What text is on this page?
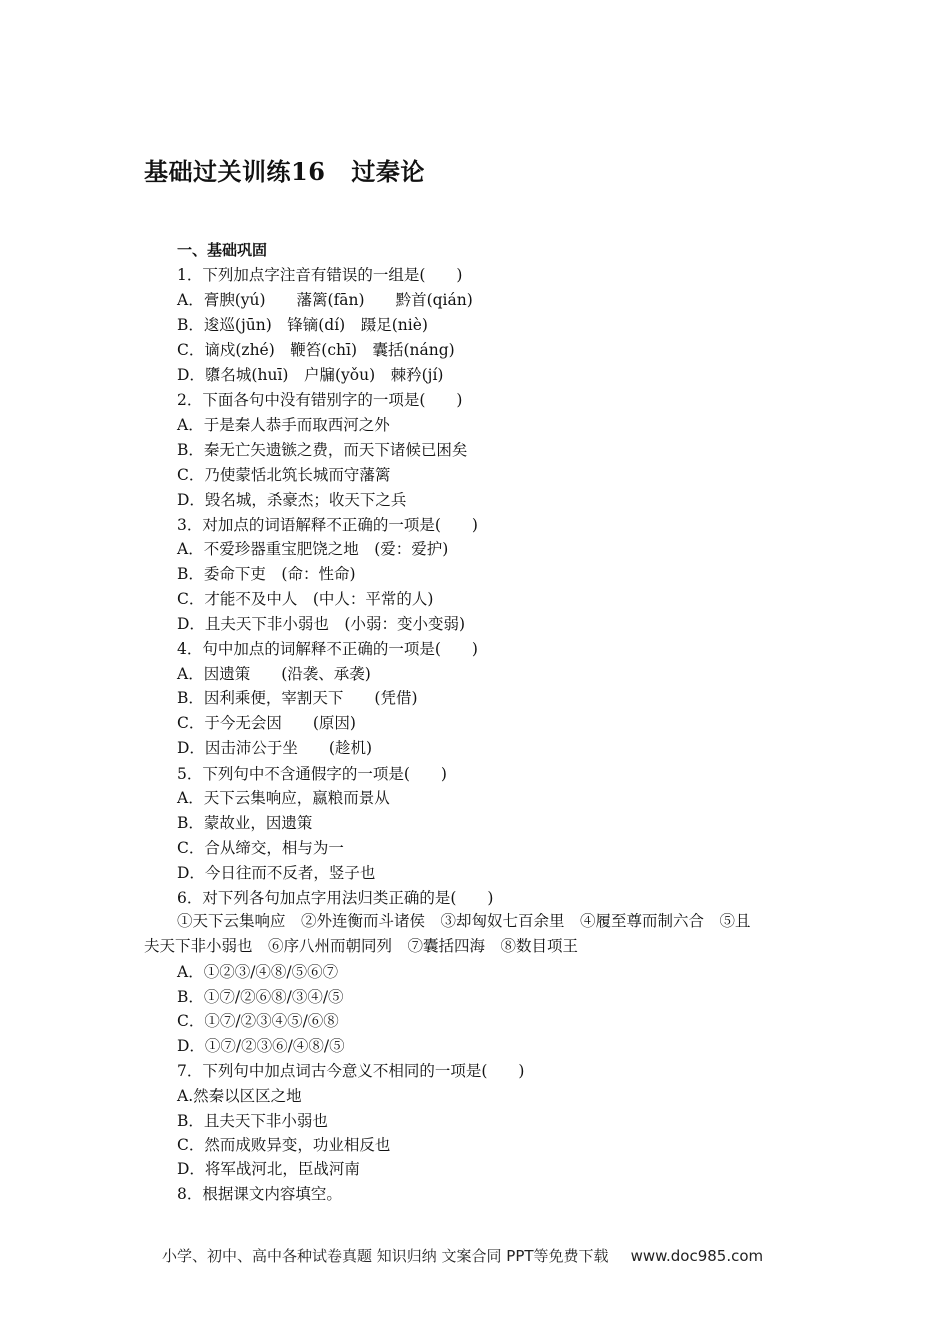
基础过关训练16 过秦论
一、基础巩固
1．下列加点字注音有错误的一组是(　　)
A．膏腴(yú)　　藩篱(fān)　　黔首(qián)
B．逡巡(jūn)　锋镝(dí)　蹑足(niè)
C．谪戍(zhé)　鞭笞(chī)　囊括(náng)
D．隳名城(huī)　户牖(yǒu)　棘矜(jí)
2．下面各句中没有错别字的一项是(　　)
A．于是秦人恭手而取西河之外
B．秦无亡矢遗镞之费，而天下诸候已困矣
C．乃使蒙恬北筑长城而守藩篱
D．毁名城，杀豪杰；收天下之兵
3．对加点的词语解释不正确的一项是(　　)
A．不爱珍器重宝肥饶之地　(爱：爱护)
B．委命下吏　(命：性命)
C．才能不及中人　(中人：平常的人)
D．且夫天下非小弱也　(小弱：变小变弱)
4．句中加点的词解释不正确的一项是(　　)
A．因遗策　　(沿袭、承袭)
B．因利乘便，宰割天下　　(凭借)
C．于今无会因　　(原因)
D．因击沛公于坐　　(趁机)
5．下列句中不含通假字的一项是(　　)
A．天下云集响应，嬴粮而景从
B．蒙故业，因遗策
C．合从缔交，相与为一
D．今日往而不反者，竖子也
6．对下列各句加点字用法归类正确的是(　　)
①天下云集响应　②外连衡而斗诸侯　③却匈奴七百余里　④履至尊而制六合　⑤且
夫天下非小弱也　⑥序八州而朝同列　⑦囊括四海　⑧数目项王
A．①②③/④⑧/⑤⑥⑦
B．①⑦/②⑥⑧/③④/⑤
C．①⑦/②③④⑤/⑥⑧
D．①⑦/②③⑥/④⑧/⑤
7．下列句中加点词古今意义不相同的一项是(　　)
A.然秦以区区之地
B．且夫天下非小弱也
C．然而成败异变，功业相反也
D．将军战河北，臣战河南
8．根据课文内容填空。
小学、初中、高中各种试卷真题 知识归纳 文案合同 PPT等免费下载 www.doc985.com
